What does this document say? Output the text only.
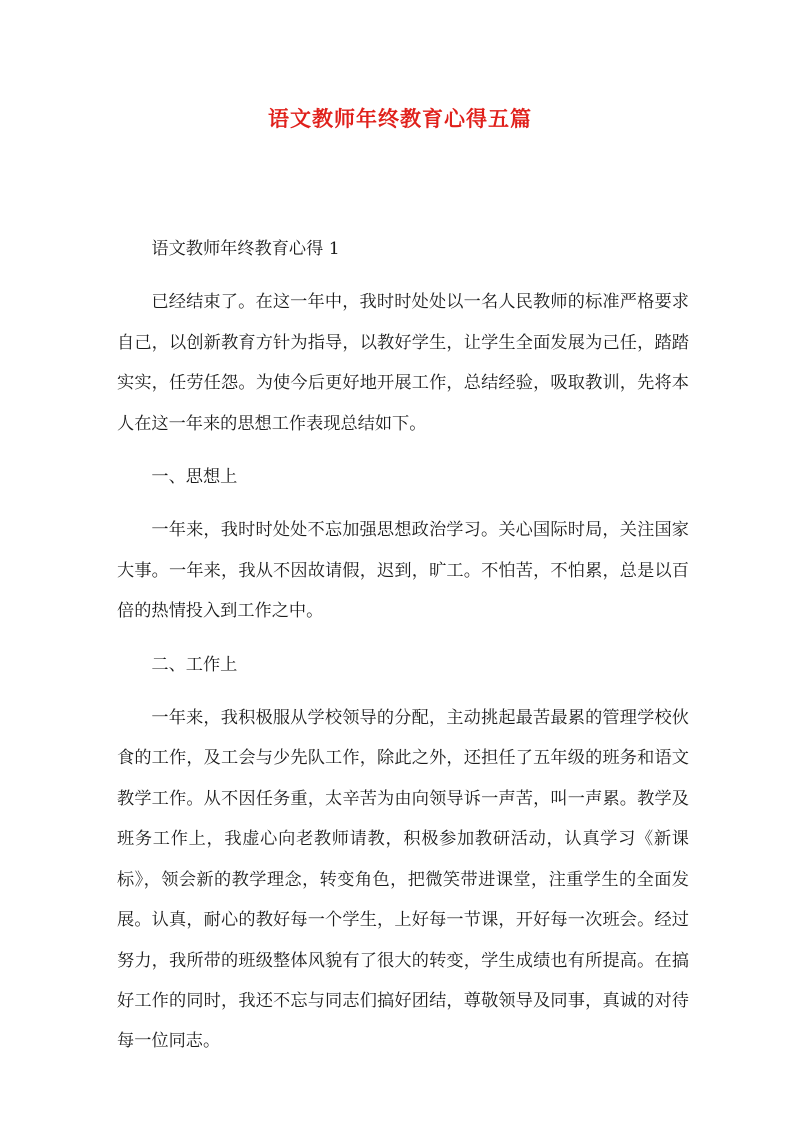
语文教师年终教育心得五篇

语文教师年终教育心得 1

已经结束了。在这一年中，我时时处处以一名人民教师的标准严格要求自己，以创新教育方针为指导，以教好学生，让学生全面发展为己任，踏踏实实，任劳任怨。为使今后更好地开展工作，总结经验，吸取教训，先将本人在这一年来的思想工作表现总结如下。

一、思想上

一年来，我时时处处不忘加强思想政治学习。关心国际时局，关注国家大事。一年来，我从不因故请假，迟到，旷工。不怕苦，不怕累，总是以百倍的热情投入到工作之中。

二、工作上

一年来，我积极服从学校领导的分配，主动挑起最苦最累的管理学校伙食的工作，及工会与少先队工作，除此之外，还担任了五年级的班务和语文教学工作。从不因任务重，太辛苦为由向领导诉一声苦，叫一声累。教学及班务工作上，我虚心向老教师请教，积极参加教研活动，认真学习《新课标》，领会新的教学理念，转变角色，把微笑带进课堂，注重学生的全面发展。认真，耐心的教好每一个学生，上好每一节课，开好每一次班会。经过努力，我所带的班级整体风貌有了很大的转变，学生成绩也有所提高。在搞好工作的同时，我还不忘与同志们搞好团结，尊敬领导及同事，真诚的对待每一位同志。
